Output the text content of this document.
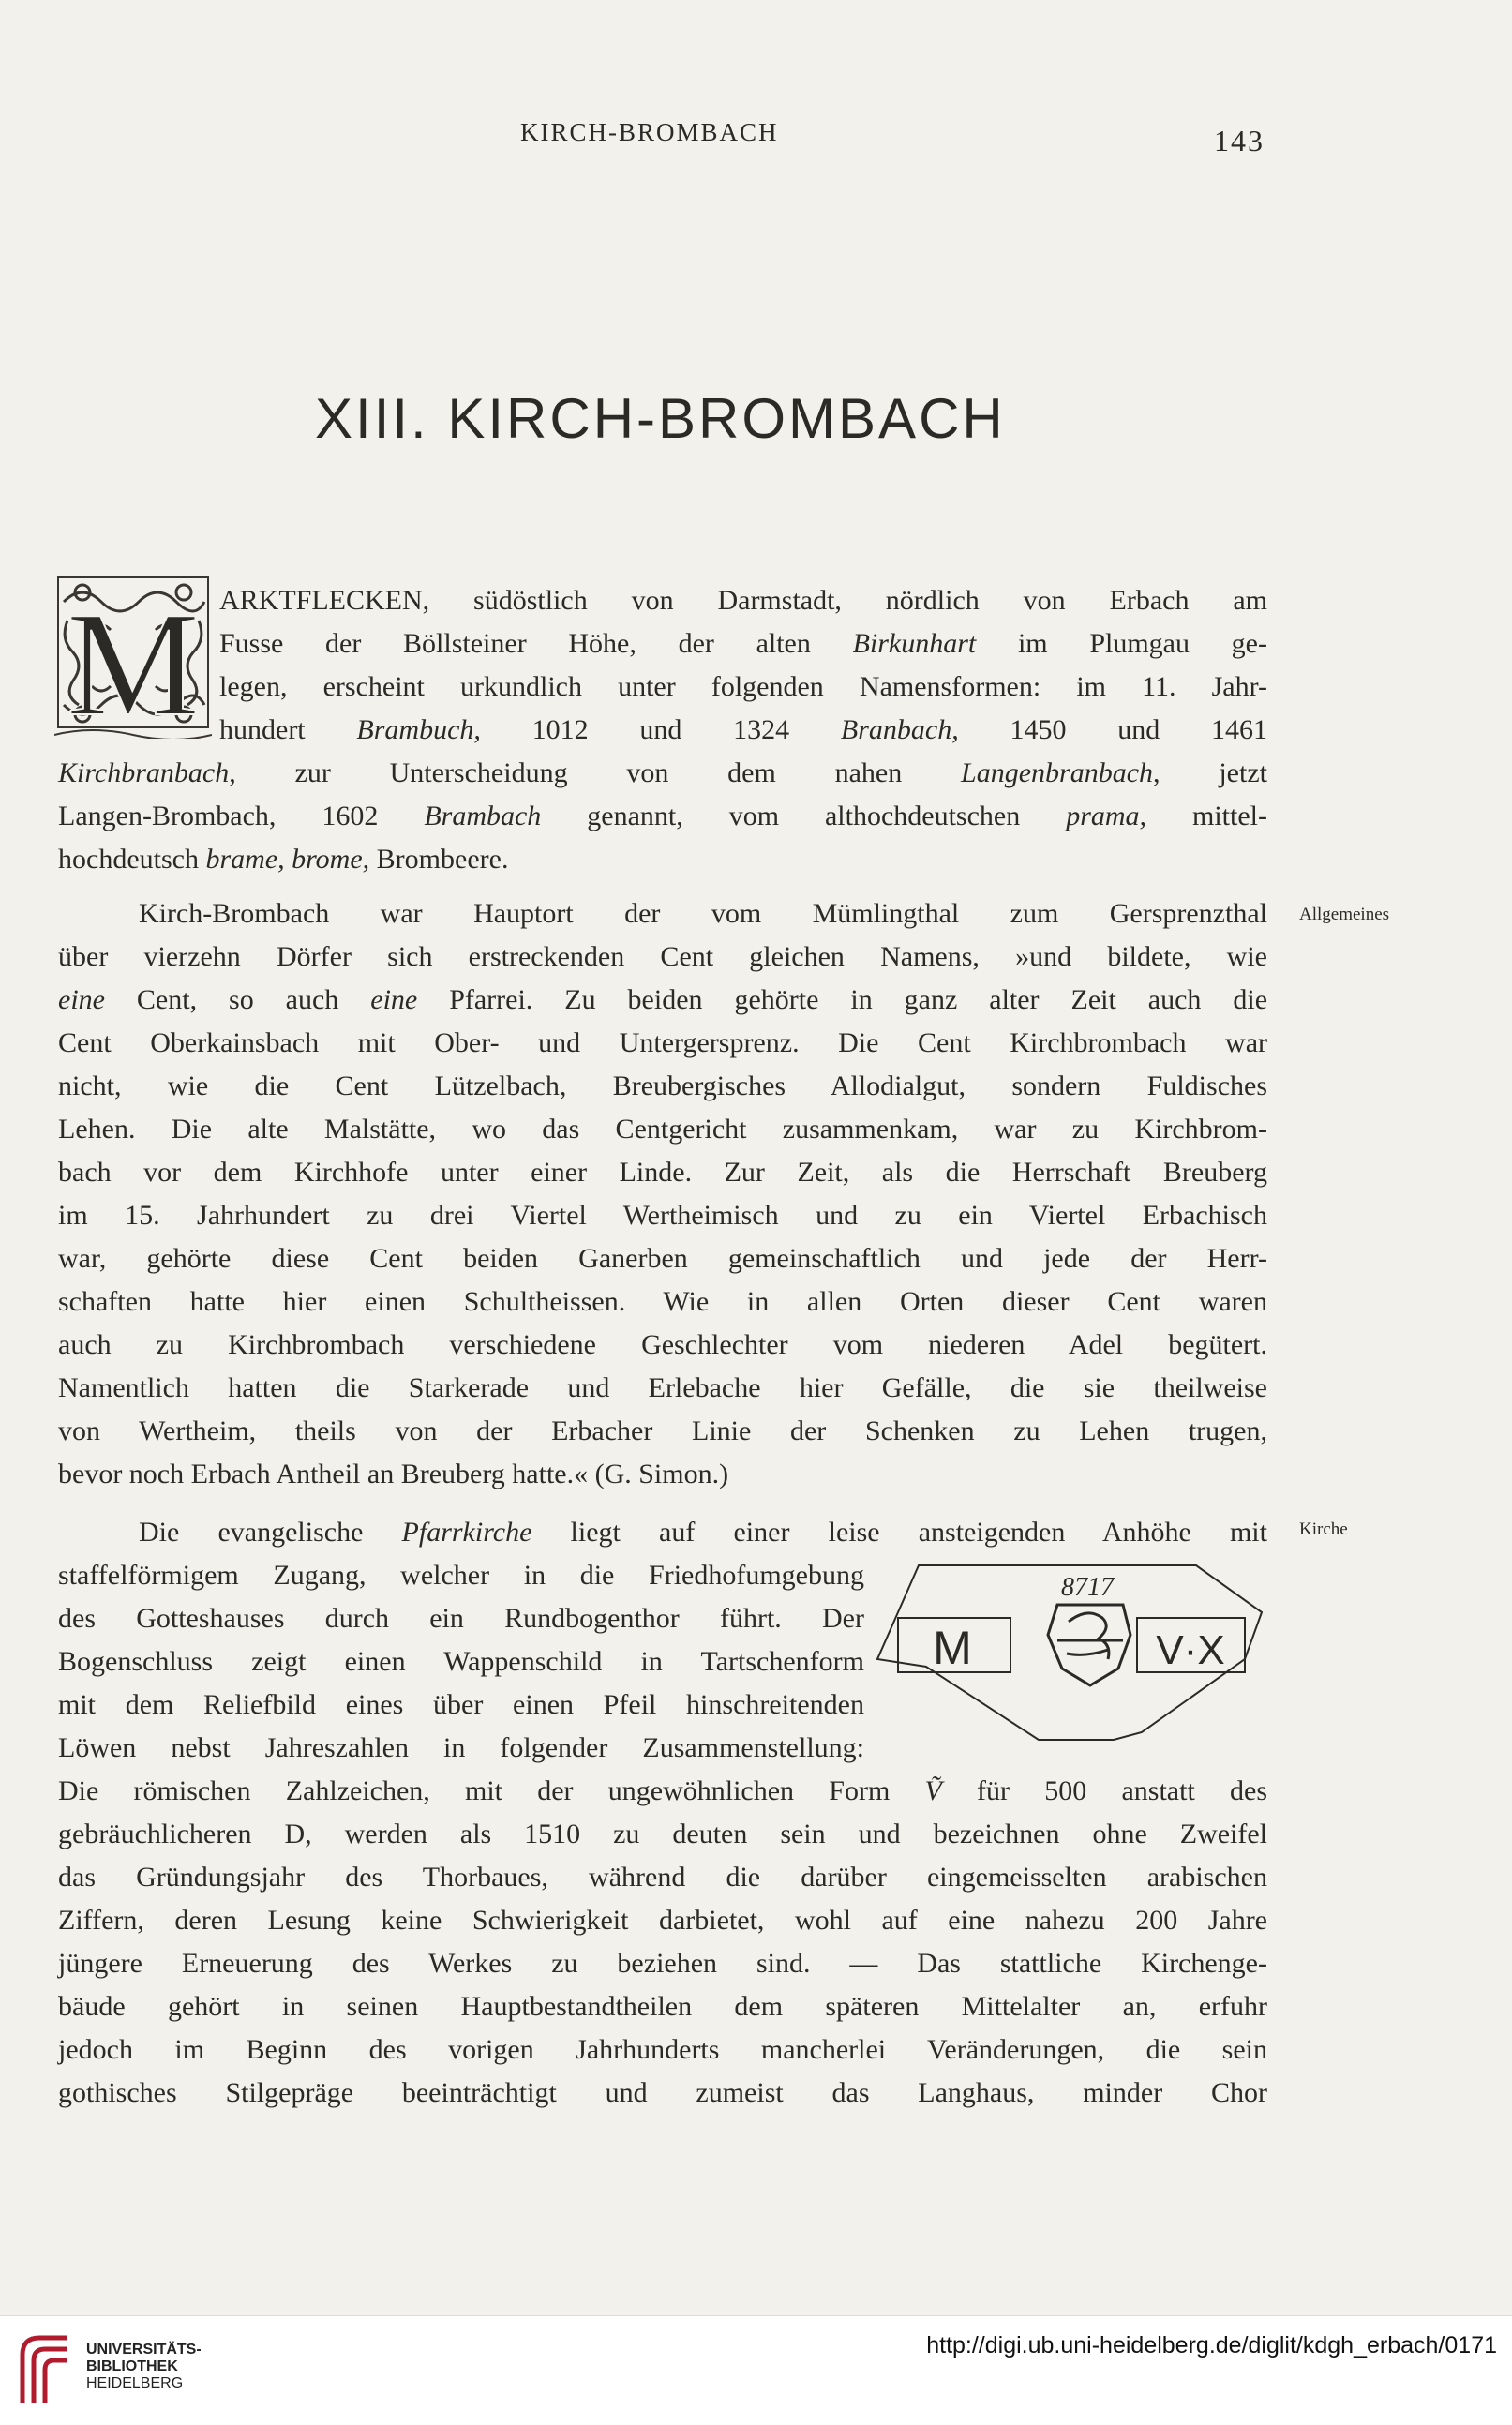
KIRCH-BROMBACH	143
XIII. KIRCH-BROMBACH
M ARKTFLECKEN, südöstlich von Darmstadt, nördlich von Erbach am
Fusse der Böllsteiner Höhe, der alten Birkunhart im Plumgau ge-
legen, erscheint urkundlich unter folgenden Namensformen: im 11. Jahr-
hundert Brambuch, 1012 und 1324 Branbach, 1450 und 1461
Kirchbranbach, zur Unterscheidung von dem nahen Langenbranbach, jetzt
Langen-Brombach, 1602 Brambach genannt, vom althochdeutschen prama, mittel-
hochdeutsch brame, brome, Brombeere.
Kirch-Brombach war Hauptort der vom Mümlingthal zum Gersprenzthal
über vierzehn Dörfer sich erstreckenden Cent gleichen Namens, »und bildete, wie
eine Cent, so auch eine Pfarrei. Zu beiden gehörte in ganz alter Zeit auch die
Cent Oberkainsbach mit Ober- und Untergersprenz. Die Cent Kirchbrombach war
nicht, wie die Cent Lützelbach, Breubergisches Allodialgut, sondern Fuldisches
Lehen. Die alte Malstätte, wo das Centgericht zusammenkam, war zu Kirchbrom-
bach vor dem Kirchhofe unter einer Linde. Zur Zeit, als die Herrschaft Breuberg
im 15. Jahrhundert zu drei Viertel Wertheimisch und zu ein Viertel Erbachisch
war, gehörte diese Cent beiden Ganerben gemeinschaftlich und jede der Herr-
schaften hatte hier einen Schultheissen. Wie in allen Orten dieser Cent waren
auch zu Kirchbrombach verschiedene Geschlechter vom niederen Adel begütert.
Namentlich hatten die Starkerade und Erlebache hier Gefälle, die sie theilweise
von Wertheim, theils von der Erbacher Linie der Schenken zu Lehen trugen,
bevor noch Erbach Antheil an Breuberg hatte.« (G. Simon.)
Die evangelische Pfarrkirche liegt auf einer leise ansteigenden Anhöhe mit
staffelförmigem Zugang, welcher in die Friedhofumgebung
des Gotteshauses durch ein Rundbogenthor führt. Der
Bogenschluss zeigt einen Wappenschild in Tartschenform
mit dem Reliefbild eines über einen Pfeil hinschreitenden
Löwen nebst Jahreszahlen in folgender Zusammenstellung:
Die römischen Zahlzeichen, mit der ungewöhnlichen Form Ṽ für 500 anstatt des
gebräuchlicheren D, werden als 1510 zu deuten sein und bezeichnen ohne Zweifel
das Gründungsjahr des Thorbaues, während die darüber eingemeisselten arabischen
Ziffern, deren Lesung keine Schwierigkeit darbietet, wohl auf eine nahezu 200 Jahre
jüngere Erneuerung des Werkes zu beziehen sind. — Das stattliche Kirchenge-
bäude gehört in seinen Hauptbestandtheilen dem späteren Mittelalter an, erfuhr
jedoch im Beginn des vorigen Jahrhunderts mancherlei Veränderungen, die sein
gothisches Stilgepräge beeinträchtigt und zumeist das Langhaus, minder Chor
Allgemeines
Kirche
8717
M	V·X
UNIVERSITÄTS-
BIBLIOTHEK
HEIDELBERG
http://digi.ub.uni-heidelberg.de/diglit/kdgh_erbach/0171
